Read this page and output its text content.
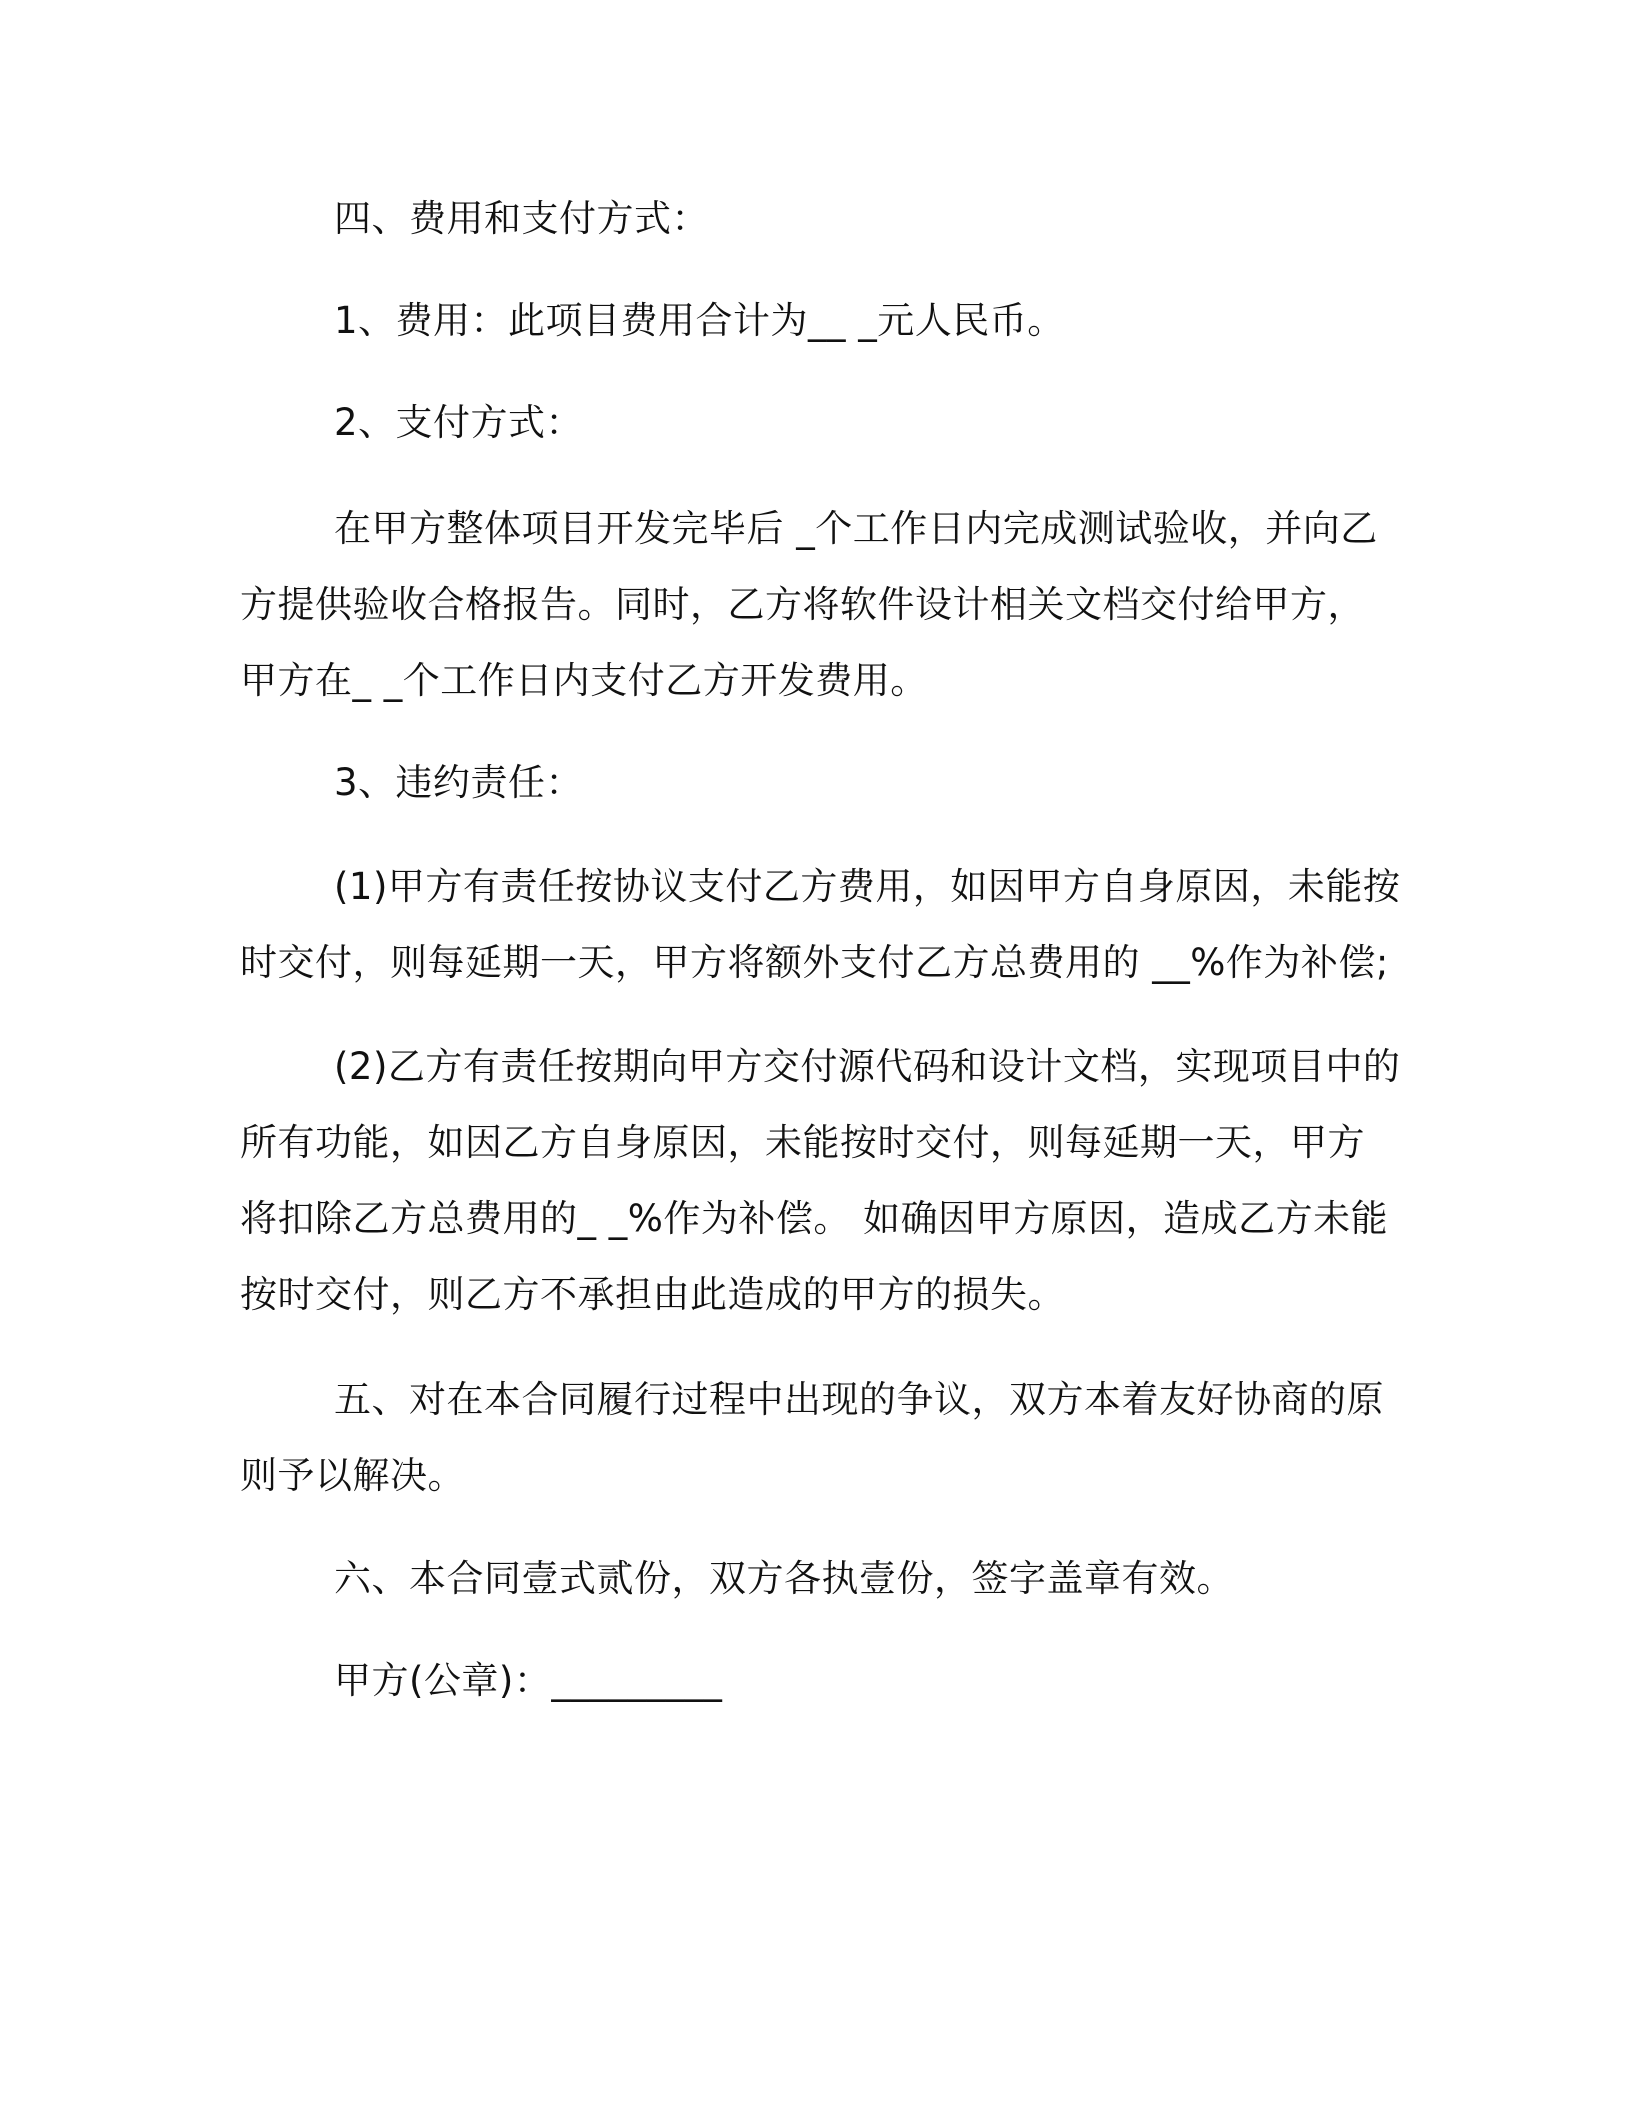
四、费用和支付方式：
1、费用：此项目费用合计为__ _元人民币。
2、支付方式：
在甲方整体项目开发完毕后 _个工作日内完成测试验收，并向乙
方提供验收合格报告。同时，乙方将软件设计相关文档交付给甲方，
甲方在_ _个工作日内支付乙方开发费用。
3、违约责任：
(1)甲方有责任按协议支付乙方费用，如因甲方自身原因，未能按
时交付，则每延期一天，甲方将额外支付乙方总费用的 __%作为补偿;
(2)乙方有责任按期向甲方交付源代码和设计文档，实现项目中的
所有功能，如因乙方自身原因，未能按时交付，则每延期一天，甲方
将扣除乙方总费用的_ _%作为补偿。 如确因甲方原因，造成乙方未能
按时交付，则乙方不承担由此造成的甲方的损失。
五、对在本合同履行过程中出现的争议，双方本着友好协商的原
则予以解决。
六、本合同壹式贰份，双方各执壹份，签字盖章有效。
甲方(公章)：_________
